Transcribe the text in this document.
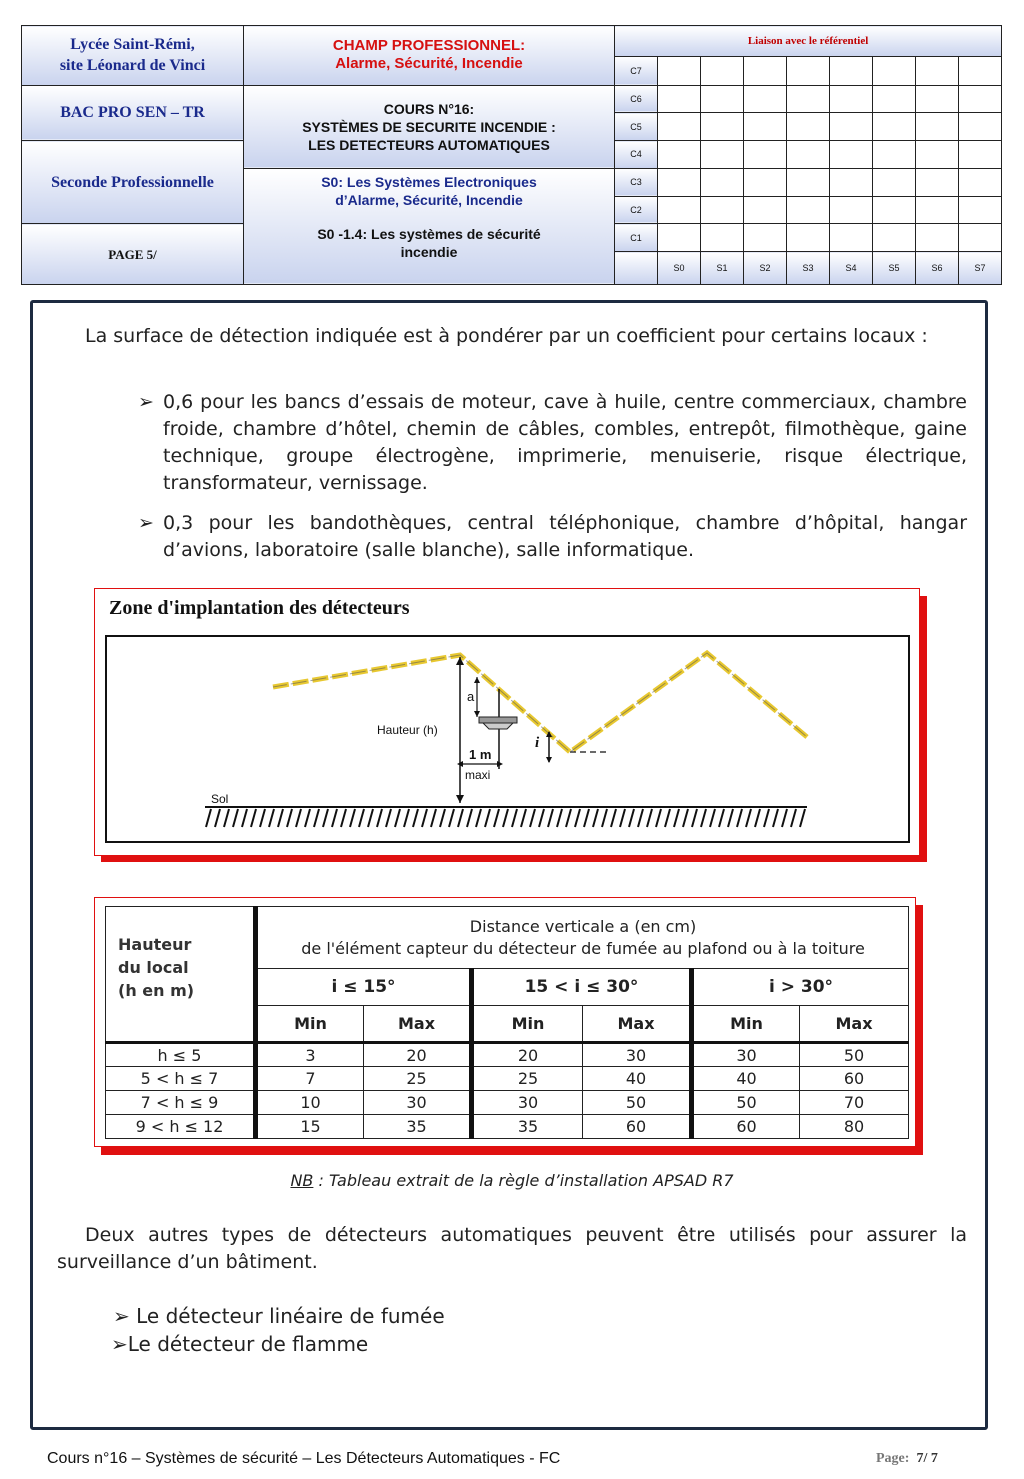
Lycée Saint-Rémi,
site Léonard de Vinci	CHAMP PROFESSIONNEL:
Alarme, Sécurité, Incendie	Liaison avec le référentiel								
		C7								
BAC PRO SEN – TR	COURS N°16:
SYSTÈMES DE SECURITE INCENDIE :
LES DETECTEURS AUTOMATIQUES	C6								
		C5								
Seconde Professionnelle		C4								
	S0: Les Systèmes Electroniques
d’Alarme, Sécurité, Incendie

S0 -1.4: Les systèmes de sécurité
incendie	C3								
		C2								
PAGE 5/		C1								
			S0	S1	S2	S3	S4	S5	S6	S7
La surface de détection indiquée est à pondérer par un coefficient pour certains locaux :
➢ 0,6 pour les bancs d’essais de moteur, cave à huile, centre commerciaux, chambre froide, chambre d’hôtel, chemin de câbles, combles, entrepôt, filmothèque, gaine technique, groupe électrogène, imprimerie, menuiserie, risque électrique, transformateur, vernissage.
➢ 0,3 pour les bandothèques, central téléphonique, chambre d’hôpital, hangar d’avions, laboratoire (salle blanche), salle informatique.
Zone d'implantation des détecteurs
a
Hauteur (h)
1 m
maxi
i
Sol
Hauteur
du local
(h en m)	Distance verticale a (en cm)
de l'élément capteur du détecteur de fumée au plafond ou à la toiture					
	i ≤ 15°		15 < i ≤ 30°		i > 30°	
	Min	Max	Min	Max	Min	Max
h ≤ 5	3	20	20	30	30	50
5 < h ≤ 7	7	25	25	40	40	60
7 < h ≤ 9	10	30	30	50	50	70
9 < h ≤ 12	15	35	35	60	60	80
NB : Tableau extrait de la règle d’installation APSAD R7
Deux autres types de détecteurs automatiques peuvent être utilisés pour assurer la surveillance d’un bâtiment.
➢ Le détecteur linéaire de fumée
➢Le détecteur de flamme
Cours n°16 – Systèmes de sécurité – Les Détecteurs Automatiques - FC	Page: 7/ 7
